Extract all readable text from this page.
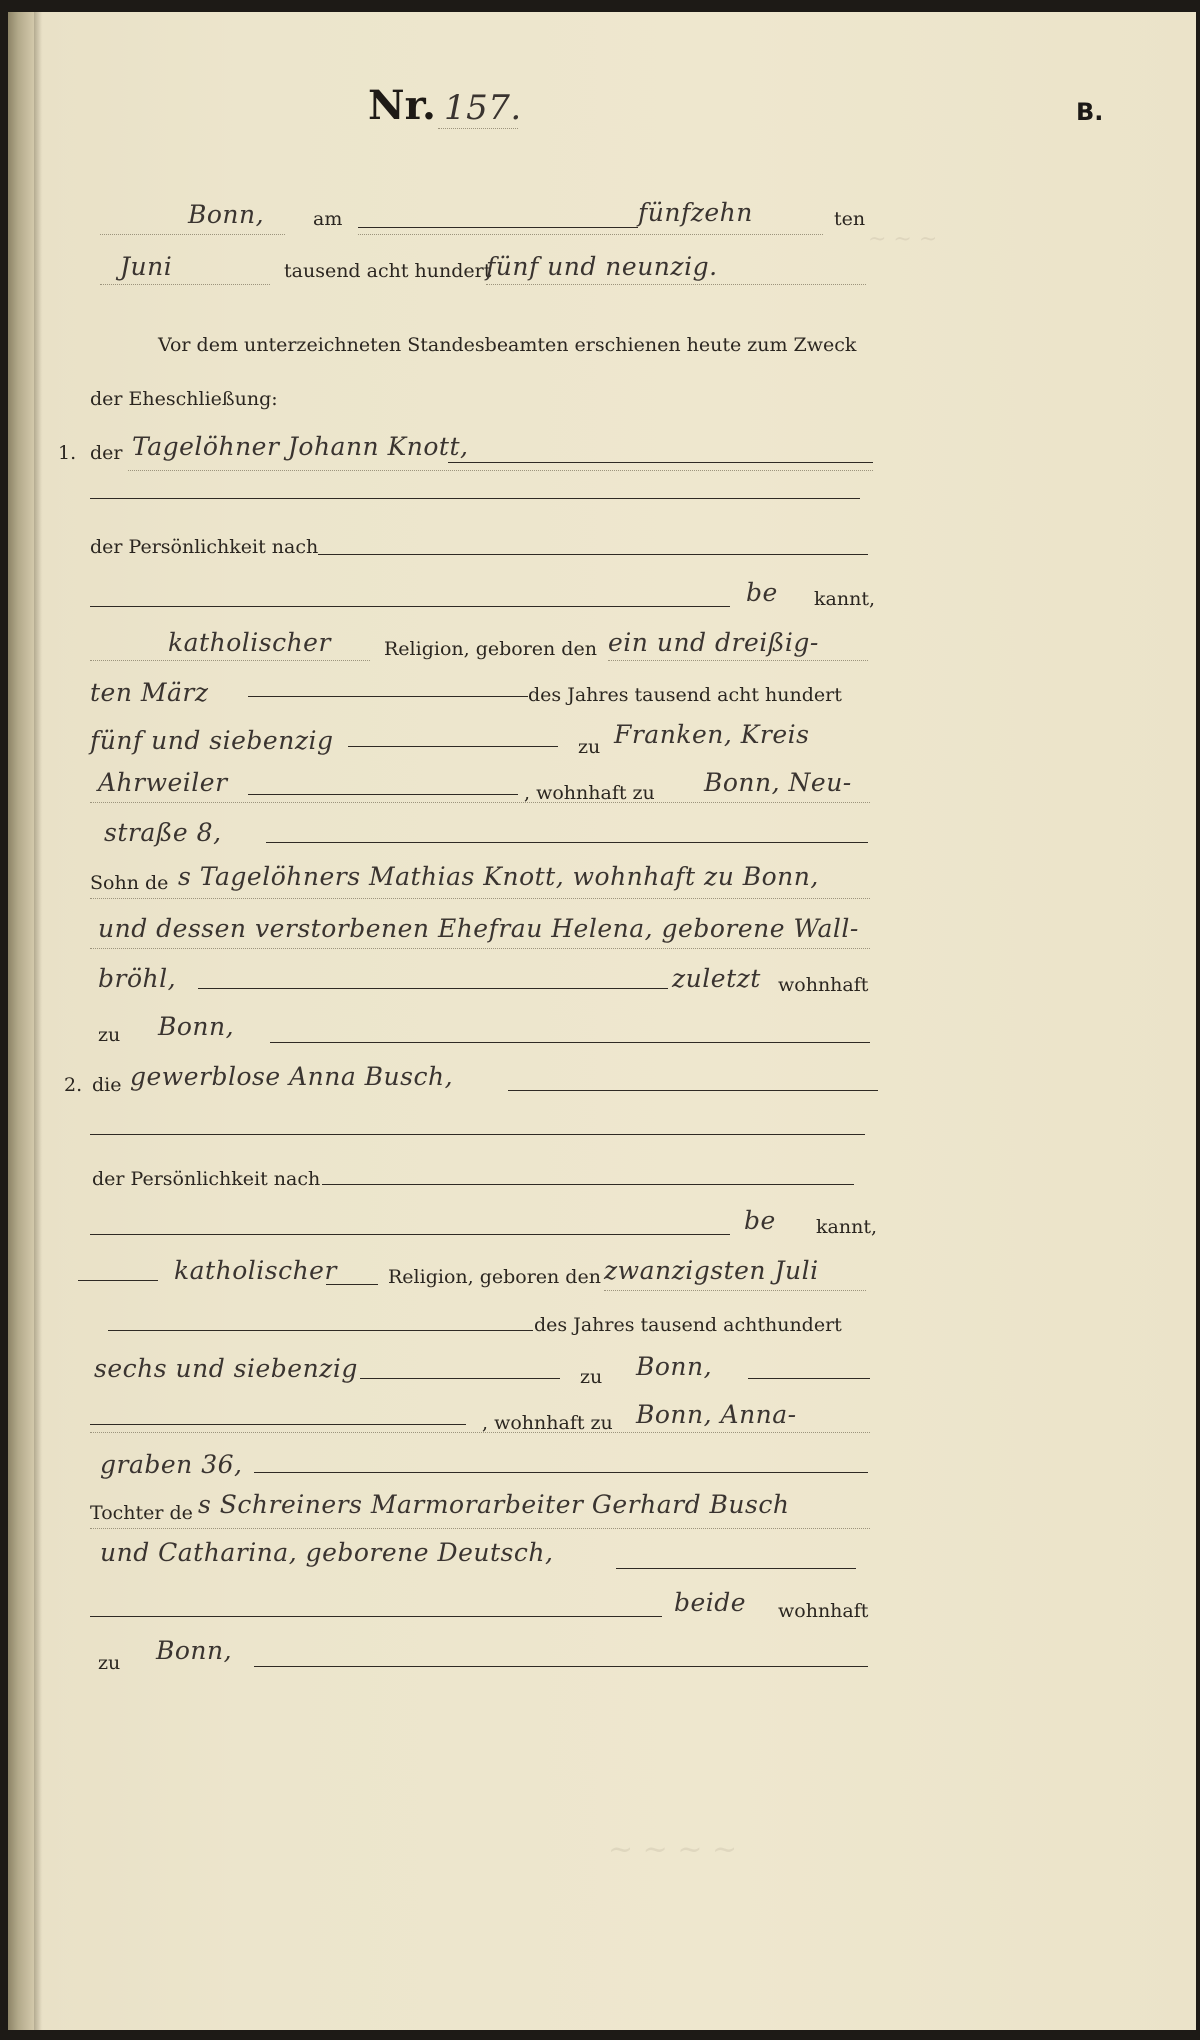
~ ~ ~
Nr. 157.	B.
Bonn,	am	fünfzehn	ten
Juni	tausend acht hundert
fünf und neunzig.
Vor dem unterzeichneten Standesbeamten erschienen heute zum Zweck
der Eheschließung:
1. der Tagelöhner Johann Knott,
der Persönlichkeit nach
be kannt,
katholischer	Religion, geboren den ein und dreißig-
ten März	des Jahres tausend acht hundert
fünf und siebenzig	zu Franken, Kreis
Ahrweiler	, wohnhaft zu Bonn, Neu-
straße 8,
Sohn de s Tagelöhners Mathias Knott, wohnhaft zu Bonn,
und dessen verstorbenen Ehefrau Helena, geborene Wall-
bröhl,	zuletzt wohnhaft
zu Bonn,
2. die gewerblose Anna Busch,
der Persönlichkeit nach
be kannt,
katholischer	Religion, geboren den zwanzigsten Juli
des Jahres tausend achthundert
sechs und siebenzig	zu Bonn,
, wohnhaft zu Bonn, Anna-
graben 36,
Tochter de s Schreiners Marmorarbeiter Gerhard Busch
und Catharina, geborene Deutsch,
beide wohnhaft
zu Bonn,
~ ~ ~ ~
